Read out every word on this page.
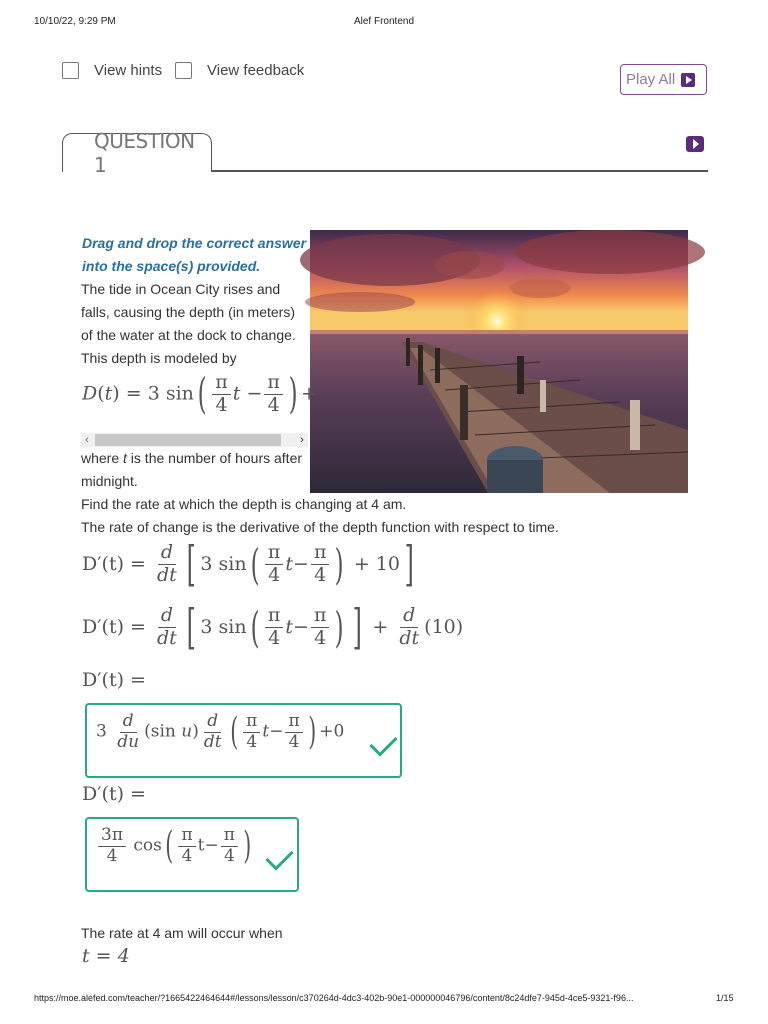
10/10/22, 9:29 PM	Alef Frontend
View hints	View feedback
Play All
QUESTION 1
Drag and drop the correct answer
into the space(s) provided.
The tide in Ocean City rises and
falls, causing the depth (in meters)
of the water at the dock to change.
This depth is modeled by
D(t) = 3 $\sin( \frac{\pi}{4}$ $t - \frac{\pi}{4}$ ) +
‹	›
where t is the number of hours after
midnight.
Find the rate at which the depth is changing at 4 am.
The rate of change is the derivative of the depth function with respect to time.
$D'(t) = \frac{d}{dt}$ [ 3 $\sin( \frac{\pi}{4} t- \frac{\pi}{4}$ ) + 10]
$D'(t) = \frac{d}{dt}$ [ 3 $\sin( \frac{\pi}{4} t- \frac{\pi}{4}$ ) ] + $\frac{d}{dt} (10)$
D′(t) =
$3 \frac{d}{du} (\sin$ $u) \frac{d}{dt}$ ( $\frac{\pi}{4} t- \frac{\pi}{4}$ ) +0
D′(t) =
$\frac{3\pi}{4} \cos( \frac{\pi}{4} t- \frac{\pi}{4}$ )
The rate at 4 am will occur when
t = 4
https://moe.alefed.com/teacher/?1665422464644#/lessons/lesson/c370264d-4dc3-402b-90e1-000000046796/content/8c24dfe7-945d-4ce5-9321-f96...	1/15
